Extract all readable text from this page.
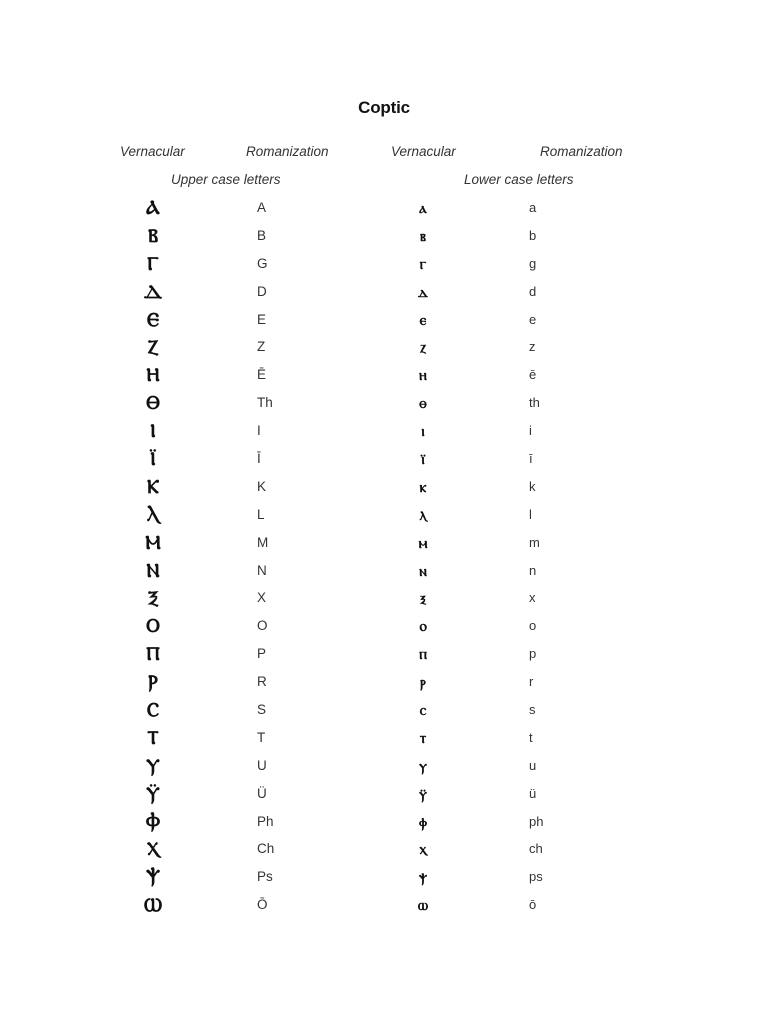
Coptic
Vernacular	Romanization	Vernacular	Romanization
Upper case letters	Lower case letters
Ⲁ	A	ⲁ	a
Ⲃ	B	ⲃ	b
Ⲅ	G	ⲅ	g
Ⲇ	D	ⲇ	d
Ⲉ	E	ⲉ	e
Ⲍ	Z	ⲍ	z
Ⲏ	Ē	ⲏ	ē
Ⲑ	Th	ⲑ	th
Ⲓ	I	ⲓ	i
Ⲓ̈	Ī	ⲓ̈	ī
Ⲕ	K	ⲕ	k
Ⲗ	L	ⲗ	l
Ⲙ	M	ⲙ	m
Ⲛ	N	ⲛ	n
Ⲝ	X	ⲝ	x
Ⲟ	O	ⲟ	o
Ⲡ	P	ⲡ	p
Ⲣ	R	ⲣ	r
Ⲥ	S	ⲥ	s
Ⲧ	T	ⲧ	t
Ⲩ	U	ⲩ	u
Ⲩ̈	Ü	ⲩ̈	ü
Ⲫ	Ph	ⲫ	ph
Ⲭ	Ch	ⲭ	ch
Ⲯ	Ps	ⲯ	ps
Ⲱ	Ō	ⲱ	ō
